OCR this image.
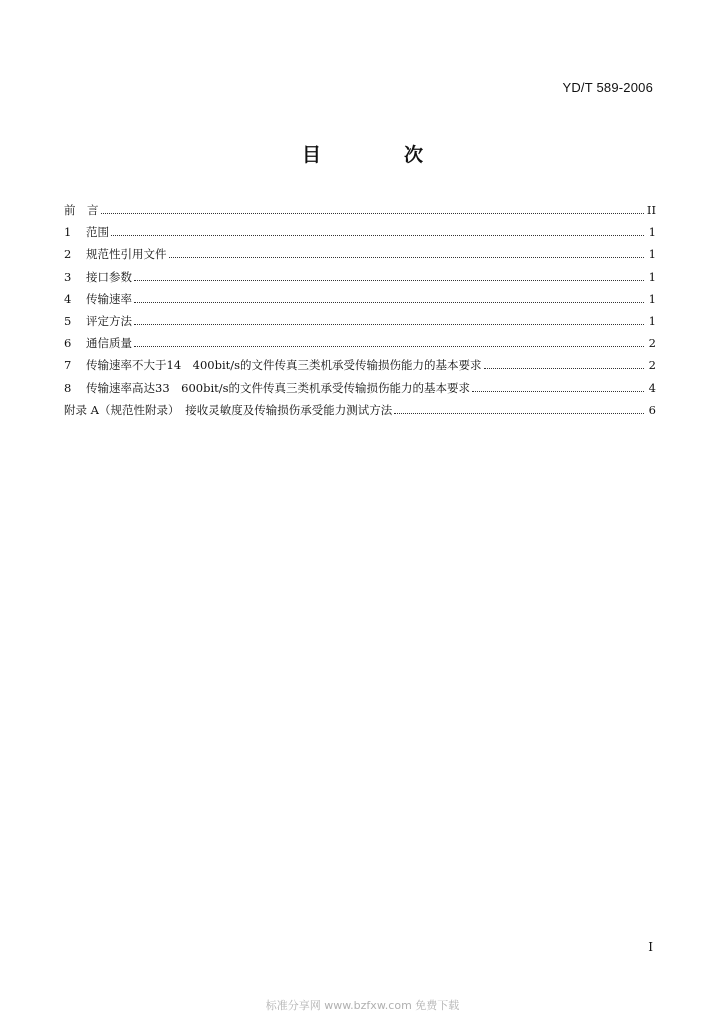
YD/T 589-2006
目　次
前　言	II
1	范围	1
2	规范性引用文件	1
3	接口参数	1
4	传输速率	1
5	评定方法	1
6	通信质量	2
7	传输速率不大于14　400bit/s的文件传真三类机承受传输损伤能力的基本要求	2
8	传输速率高达33　600bit/s的文件传真三类机承受传输损伤能力的基本要求	4
附录 A（规范性附录）　接收灵敏度及传输损伤承受能力测试方法	6
I
标准分享网 www.bzfxw.com 免费下载
